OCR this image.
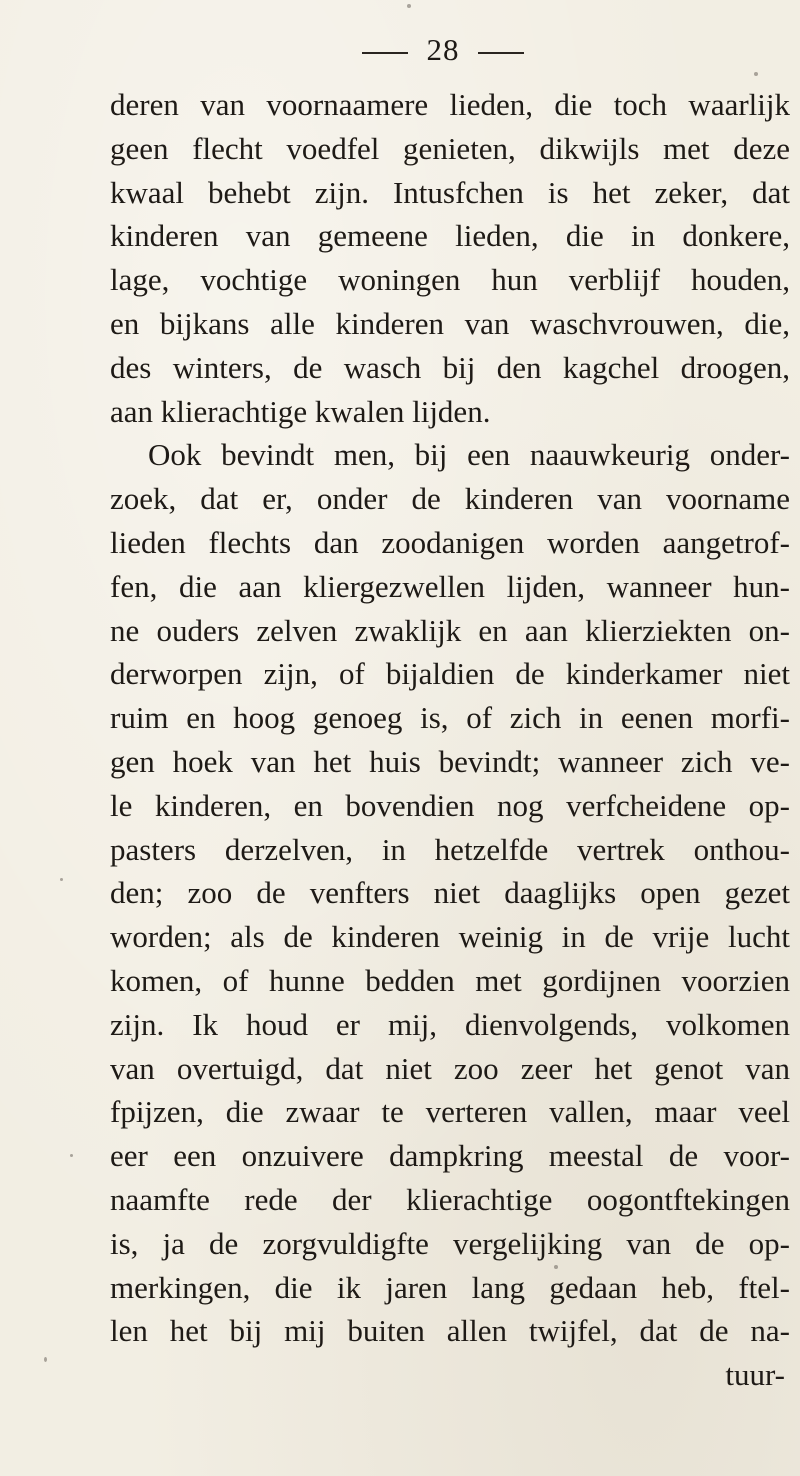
28
deren van voornaamere lieden, die toch waarlijk
geen flecht voedfel genieten, dikwijls met deze
kwaal behebt zijn. Intusfchen is het zeker, dat
kinderen van gemeene lieden, die in donkere,
lage, vochtige woningen hun verblijf houden,
en bijkans alle kinderen van waschvrouwen, die,
des winters, de wasch bij den kagchel droogen,
aan klierachtige kwalen lijden.
Ook bevindt men, bij een naauwkeurig onder-
zoek, dat er, onder de kinderen van voorname
lieden flechts dan zoodanigen worden aangetrof-
fen, die aan kliergezwellen lijden, wanneer hun-
ne ouders zelven zwaklijk en aan klierziekten on-
derworpen zijn, of bijaldien de kinderkamer niet
ruim en hoog genoeg is, of zich in eenen morfi-
gen hoek van het huis bevindt; wanneer zich ve-
le kinderen, en bovendien nog verfcheidene op-
pasters derzelven, in hetzelfde vertrek onthou-
den; zoo de venfters niet daaglijks open gezet
worden; als de kinderen weinig in de vrije lucht
komen, of hunne bedden met gordijnen voorzien
zijn. Ik houd er mij, dienvolgends, volkomen
van overtuigd, dat niet zoo zeer het genot van
fpijzen, die zwaar te verteren vallen, maar veel
eer een onzuivere dampkring meestal de voor-
naamfte rede der klierachtige oogontftekingen
is, ja de zorgvuldigfte vergelijking van de op-
merkingen, die ik jaren lang gedaan heb, ftel-
len het bij mij buiten allen twijfel, dat de na-
tuur-
